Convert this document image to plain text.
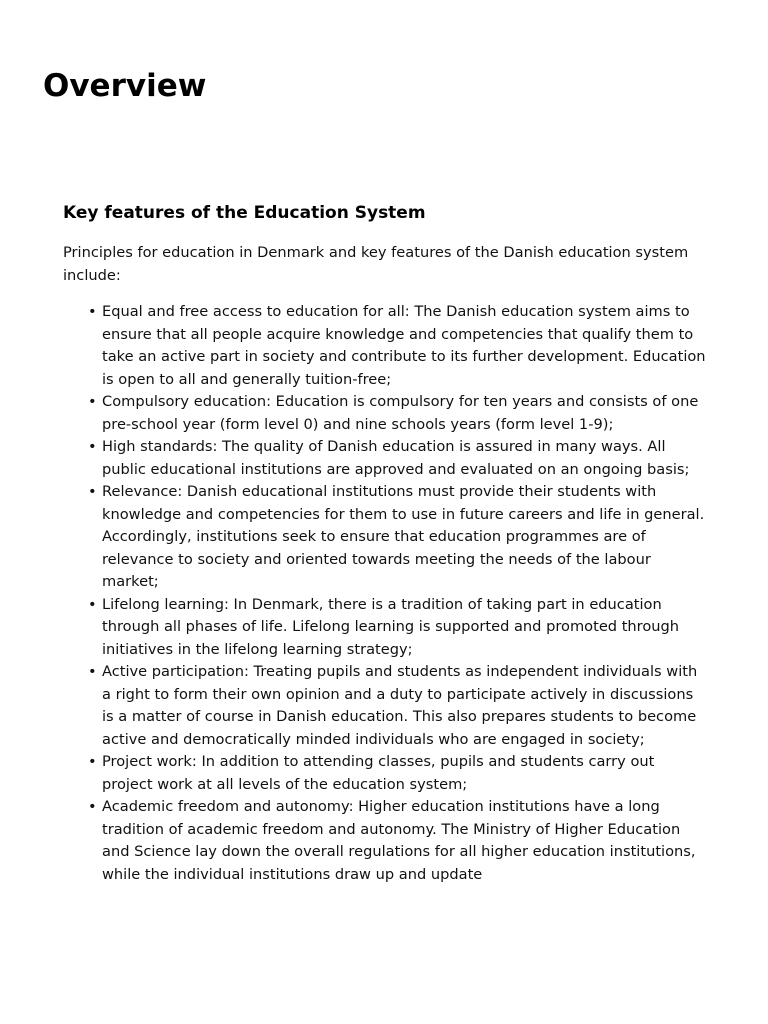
Overview
Key features of the Education System

Principles for education in Denmark and key features of the Danish education system include:

• Equal and free access to education for all: The Danish education system aims to ensure that all people acquire knowledge and competencies that qualify them to take an active part in society and contribute to its further development. Education is open to all and generally tuition-free;
• Compulsory education: Education is compulsory for ten years and consists of one pre-school year (form level 0) and nine schools years (form level 1-9);
• High standards: The quality of Danish education is assured in many ways. All public educational institutions are approved and evaluated on an ongoing basis;
• Relevance: Danish educational institutions must provide their students with knowledge and competencies for them to use in future careers and life in general. Accordingly, institutions seek to ensure that education programmes are of relevance to society and oriented towards meeting the needs of the labour market;
• Lifelong learning: In Denmark, there is a tradition of taking part in education through all phases of life. Lifelong learning is supported and promoted through initiatives in the lifelong learning strategy;
• Active participation: Treating pupils and students as independent individuals with a right to form their own opinion and a duty to participate actively in discussions is a matter of course in Danish education. This also prepares students to become active and democratically minded individuals who are engaged in society;
• Project work: In addition to attending classes, pupils and students carry out project work at all levels of the education system;
• Academic freedom and autonomy: Higher education institutions have a long tradition of academic freedom and autonomy. The Ministry of Higher Education and Science lay down the overall regulations for all higher education institutions, while the individual institutions draw up and update
